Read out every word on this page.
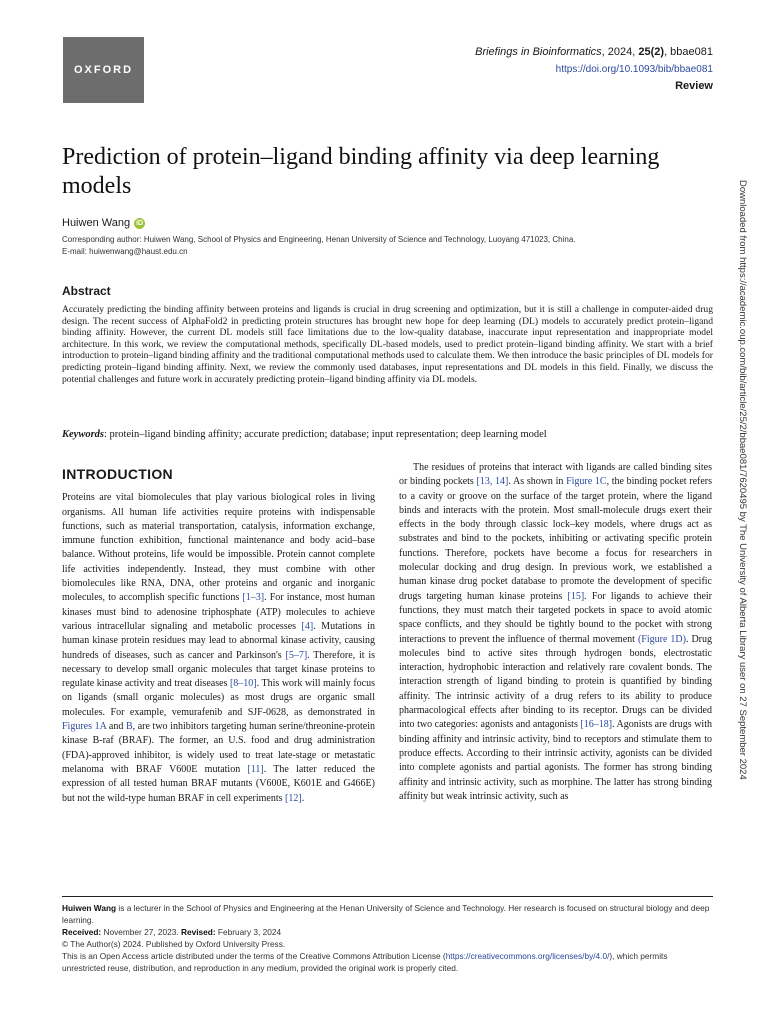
OXFORD
Briefings in Bioinformatics, 2024, 25(2), bbae081
https://doi.org/10.1093/bib/bbae081
Review
Prediction of protein–ligand binding affinity via deep learning models
Huiwen Wang iD
Corresponding author: Huiwen Wang, School of Physics and Engineering, Henan University of Science and Technology, Luoyang 471023, China.
E-mail: huiwenwang@haust.edu.cn
Abstract
Accurately predicting the binding affinity between proteins and ligands is crucial in drug screening and optimization, but it is still a challenge in computer-aided drug design. The recent success of AlphaFold2 in predicting protein structures has brought new hope for deep learning (DL) models to accurately predict protein–ligand binding affinity. However, the current DL models still face limitations due to the low-quality database, inaccurate input representation and inappropriate model architecture. In this work, we review the computational methods, specifically DL-based models, used to predict protein–ligand binding affinity. We start with a brief introduction to protein–ligand binding affinity and the traditional computational methods used to calculate them. We then introduce the basic principles of DL models for predicting protein–ligand binding affinity. Next, we review the commonly used databases, input representations and DL models in this field. Finally, we discuss the potential challenges and future work in accurately predicting protein–ligand binding affinity via DL models.
Keywords: protein–ligand binding affinity; accurate prediction; database; input representation; deep learning model
INTRODUCTION

Proteins are vital biomolecules that play various biological roles in living organisms. All human life activities require proteins with indispensable functions, such as material transportation, catalysis, information exchange, immune function exhibition, functional maintenance and body acid–base balance. Without proteins, life would be impossible. Protein cannot complete life activities independently. Instead, they must combine with other biomolecules like RNA, DNA, other proteins and organic and inorganic molecules, to accomplish specific functions [1–3]. For instance, most human kinases must bind to adenosine triphosphate (ATP) molecules to achieve various intracellular signaling and metabolic processes [4]. Mutations in human kinase protein residues may lead to abnormal kinase activity, causing hundreds of diseases, such as cancer and Parkinson's [5–7]. Therefore, it is necessary to develop small organic molecules that target kinase proteins to regulate kinase activity and treat diseases [8–10]. This work will mainly focus on ligands (small organic molecules) as most drugs are organic small molecules. For example, vemurafenib and SJF-0628, as demonstrated in Figures 1A and B, are two inhibitors targeting human serine/threonine-protein kinase B-raf (BRAF). The former, an U.S. food and drug administration (FDA)-approved inhibitor, is widely used to treat late-stage or metastatic melanoma with BRAF V600E mutation [11]. The latter reduced the expression of all tested human BRAF mutants (V600E, K601E and G466E) but not the wild-type human BRAF in cell experiments [12].

The residues of proteins that interact with ligands are called binding sites or binding pockets [13, 14]. As shown in Figure 1C, the binding pocket refers to a cavity or groove on the surface of the target protein, where the ligand binds and interacts with the protein. Most small-molecule drugs exert their effects in the body through classic lock–key models, where drugs act as substrates and bind to the pockets, inhibiting or activating specific protein functions. Therefore, pockets have become a focus for researchers in molecular docking and drug design. In previous work, we established a human kinase drug pocket database to promote the development of specific drugs targeting human kinase proteins [15]. For ligands to achieve their functions, they must match their targeted pockets in space to avoid atomic space conflicts, and they should be tightly bound to the pocket with strong interactions to prevent the influence of thermal movement (Figure 1D). Drug molecules bind to active sites through hydrogen bonds, electrostatic interaction, hydrophobic interaction and relatively rare covalent bonds. The interaction strength of ligand binding to protein is quantified by binding affinity. The intrinsic activity of a drug refers to its ability to produce pharmacological effects after binding to its receptor. Drugs can be divided into two categories: agonists and antagonists [16–18]. Agonists are drugs with binding affinity and intrinsic activity, bind to receptors and stimulate them to produce effects. According to their intrinsic activity, agonists can be divided into complete agonists and partial agonists. The former has strong binding affinity and intrinsic activity, such as morphine. The latter has strong binding affinity but weak intrinsic activity, such as

Downloaded from https://academic.oup.com/bib/article/25/2/bbae081/7620495 by The University of Alberta Library user on 27 September 2024

Huiwen Wang is a lecturer in the School of Physics and Engineering at the Henan University of Science and Technology. Her research is focused on structural biology and deep learning.

Received: November 27, 2023. Revised: February 3, 2024

© The Author(s) 2024. Published by Oxford University Press.

This is an Open Access article distributed under the terms of the Creative Commons Attribution License (https://creativecommons.org/licenses/by/4.0/), which permits unrestricted reuse, distribution, and reproduction in any medium, provided the original work is properly cited.
